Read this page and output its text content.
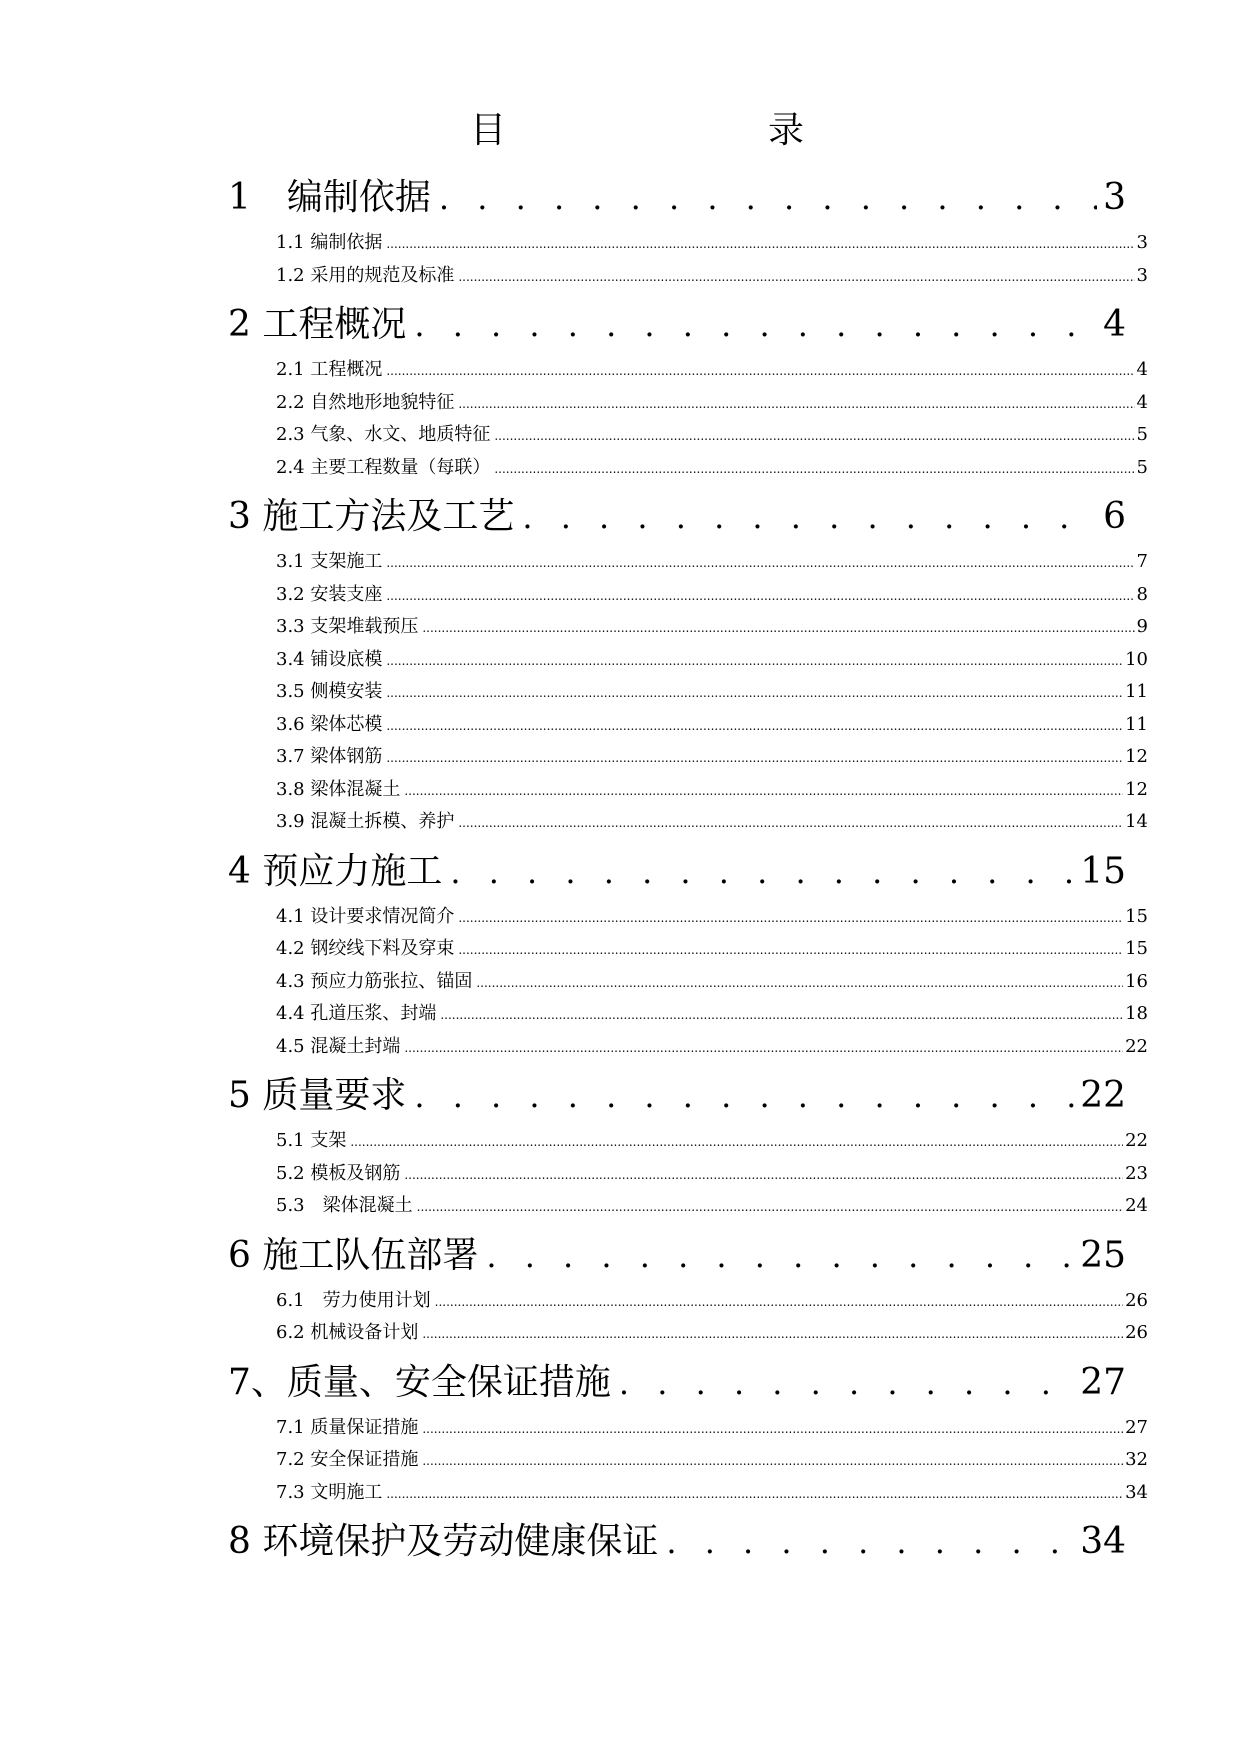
目	录
1　编制依据 . . .	3
1.1 编制依据 .....	3
1.2 采用的规范及标准 .....	3
2 工程概况 . . .	4
2.1 工程概况 .....	4
2.2 自然地形地貌特征 .....	4
2.3 气象、水文、地质特征 .....	5
2.4 主要工程数量（每联） .....	5
3 施工方法及工艺 . . .	6
3.1 支架施工 .....	7
3.2 安装支座 .....	8
3.3 支架堆载预压 .....	9
3.4 铺设底模 .....	10
3.5 侧模安装 .....	11
3.6 梁体芯模 .....	11
3.7 梁体钢筋 .....	12
3.8 梁体混凝土 .....	12
3.9 混凝土拆模、养护 .....	14
4 预应力施工 . . .	15
4.1 设计要求情况简介 .....	15
4.2 钢绞线下料及穿束 .....	15
4.3 预应力筋张拉、锚固 .....	16
4.4 孔道压浆、封端 .....	18
4.5 混凝土封端 .....	22
5 质量要求 . . .	22
5.1 支架 .....	22
5.2 模板及钢筋 .....	23
5.3　梁体混凝土 .....	24
6 施工队伍部署 . . .	25
6.1　劳力使用计划 .....	26
6.2 机械设备计划 .....	26
7、质量、安全保证措施 . . .	27
7.1 质量保证措施 .....	27
7.2 安全保证措施 .....	32
7.3 文明施工 .....	34
8 环境保护及劳动健康保证 . . .	34
